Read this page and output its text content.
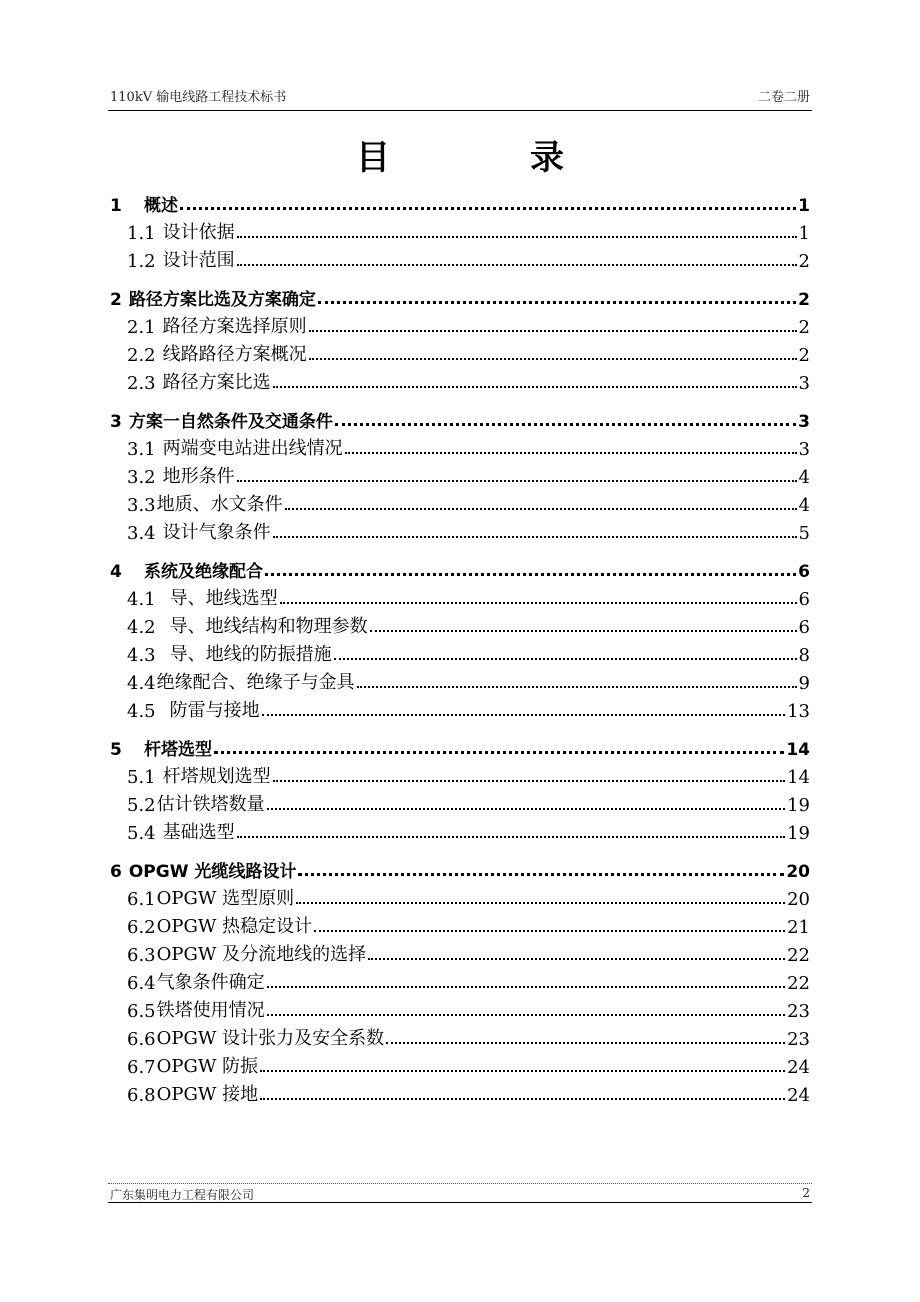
110kV 输电线路工程技术标书	二卷二册
目录
1	概述	1
1.1 设计依据	1
1.2 设计范围	2
2 路径方案比选及方案确定	2
2.1 路径方案选择原则	2
2.2 线路路径方案概况	2
2.3 路径方案比选	3
3 方案一自然条件及交通条件	3
3.1 两端变电站进出线情况	3
3.2 地形条件	4
3.3 地质、水文条件	4
3.4 设计气象条件	5
4	系统及绝缘配合	6
4.1 导、地线选型	6
4.2 导、地线结构和物理参数	6
4.3 导、地线的防振措施	8
4.4 绝缘配合、绝缘子与金具	9
4.5 防雷与接地	13
5	杆塔选型	14
5.1 杆塔规划选型	14
5.2 估计铁塔数量	19
5.4 基础选型	19
6 OPGW 光缆线路设计	20
6.1 OPGW 选型原则	20
6.2 OPGW 热稳定设计	21
6.3 OPGW 及分流地线的选择	22
6.4 气象条件确定	22
6.5 铁塔使用情况	23
6.6 OPGW 设计张力及安全系数	23
6.7 OPGW 防振	24
6.8 OPGW 接地	24
广东集明电力工程有限公司	2
